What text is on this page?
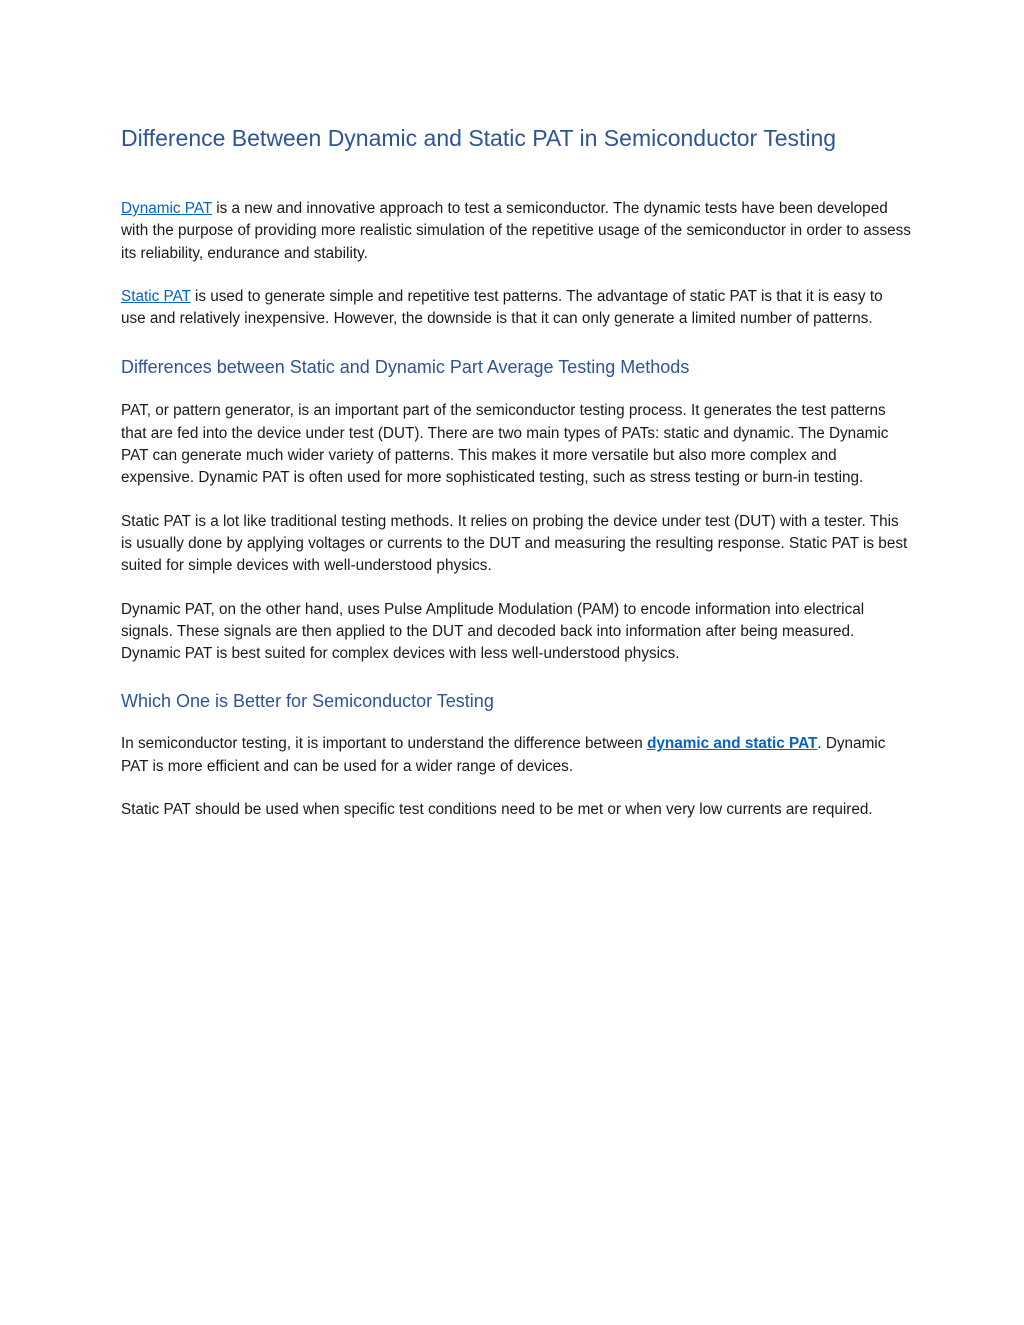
Difference Between Dynamic and Static PAT in Semiconductor Testing

Dynamic PAT is a new and innovative approach to test a semiconductor. The dynamic tests have been developed with the purpose of providing more realistic simulation of the repetitive usage of the semiconductor in order to assess its reliability, endurance and stability.

Static PAT is used to generate simple and repetitive test patterns. The advantage of static PAT is that it is easy to use and relatively inexpensive. However, the downside is that it can only generate a limited number of patterns.

Differences between Static and Dynamic Part Average Testing Methods

PAT, or pattern generator, is an important part of the semiconductor testing process. It generates the test patterns that are fed into the device under test (DUT). There are two main types of PATs: static and dynamic. The Dynamic PAT can generate much wider variety of patterns. This makes it more versatile but also more complex and expensive. Dynamic PAT is often used for more sophisticated testing, such as stress testing or burn-in testing.

Static PAT is a lot like traditional testing methods. It relies on probing the device under test (DUT) with a tester. This is usually done by applying voltages or currents to the DUT and measuring the resulting response. Static PAT is best suited for simple devices with well-understood physics.

Dynamic PAT, on the other hand, uses Pulse Amplitude Modulation (PAM) to encode information into electrical signals. These signals are then applied to the DUT and decoded back into information after being measured. Dynamic PAT is best suited for complex devices with less well-understood physics.

Which One is Better for Semiconductor Testing

In semiconductor testing, it is important to understand the difference between dynamic and static PAT. Dynamic PAT is more efficient and can be used for a wider range of devices.

Static PAT should be used when specific test conditions need to be met or when very low currents are required.
